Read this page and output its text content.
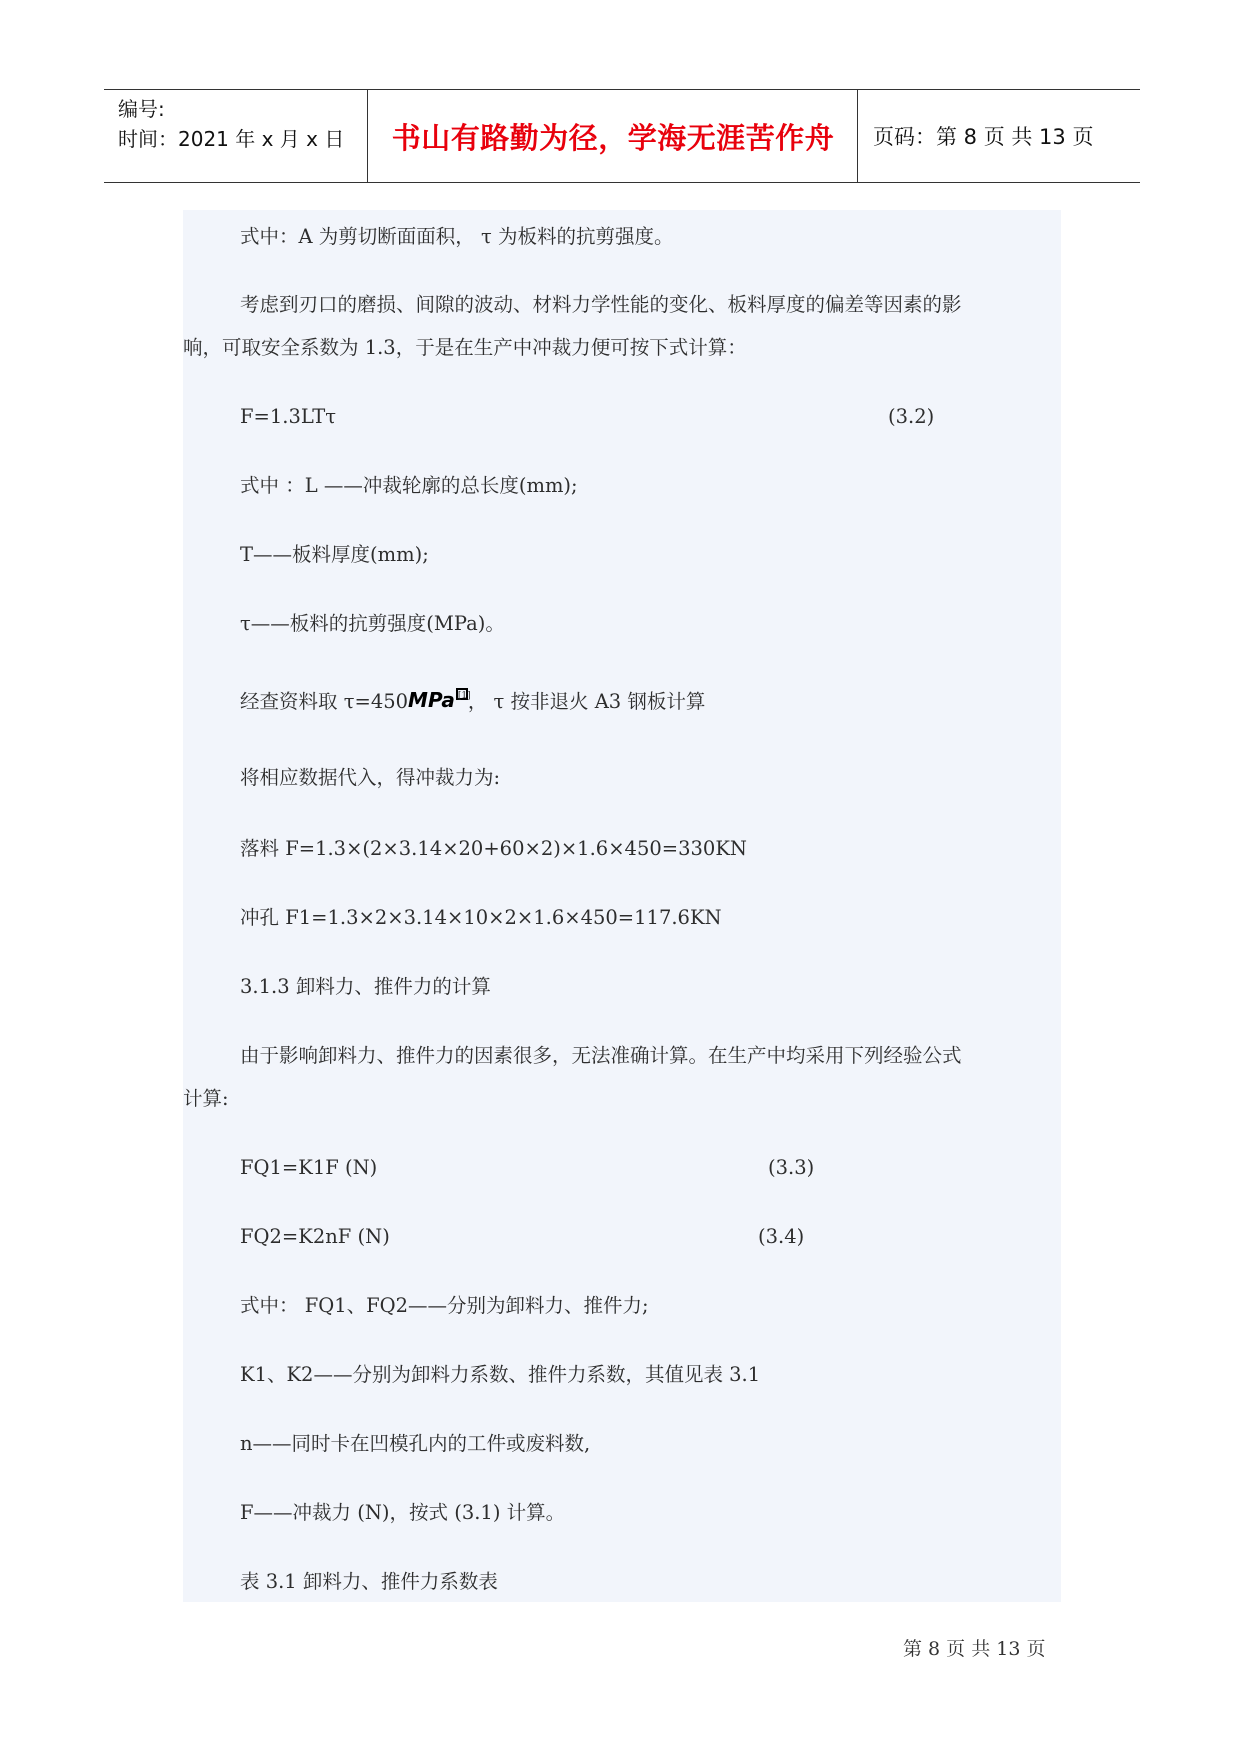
编号:
时间：2021 年 x 月 x 日	书山有路勤为径，学海无涯苦作舟	页码：第 8 页 共 13 页
式中：A 为剪切断面面积， τ 为板料的抗剪强度。
考虑到刃口的磨损、间隙的波动、材料力学性能的变化、板料厚度的偏差等因素的影
响，可取安全系数为 1.3，于是在生产中冲裁力便可按下式计算：
F=1.3LTτ	(3.2)
式中 ：L ——冲裁轮廓的总长度(mm);
T——板料厚度(mm);
τ——板料的抗剪强度(MPa)。
经查资料取 τ=450MPa [1]， τ 按非退火 A3 钢板计算
将相应数据代入，得冲裁力为:
落料 F=1.3×(2×3.14×20+60×2)×1.6×450=330KN
冲孔 F1=1.3×2×3.14×10×2×1.6×450=117.6KN
3.1.3 卸料力、推件力的计算
由于影响卸料力、推件力的因素很多，无法准确计算。在生产中均采用下列经验公式
计算:
FQ1=K1F (N)	(3.3)
FQ2=K2nF (N)	(3.4)
式中： FQ1、FQ2——分别为卸料力、推件力;
K1、K2——分别为卸料力系数、推件力系数，其值见表 3.1
n——同时卡在凹模孔内的工件或废料数,
F——冲裁力 (N)，按式 (3.1) 计算。
表 3.1 卸料力、推件力系数表
第 8 页 共 13 页
